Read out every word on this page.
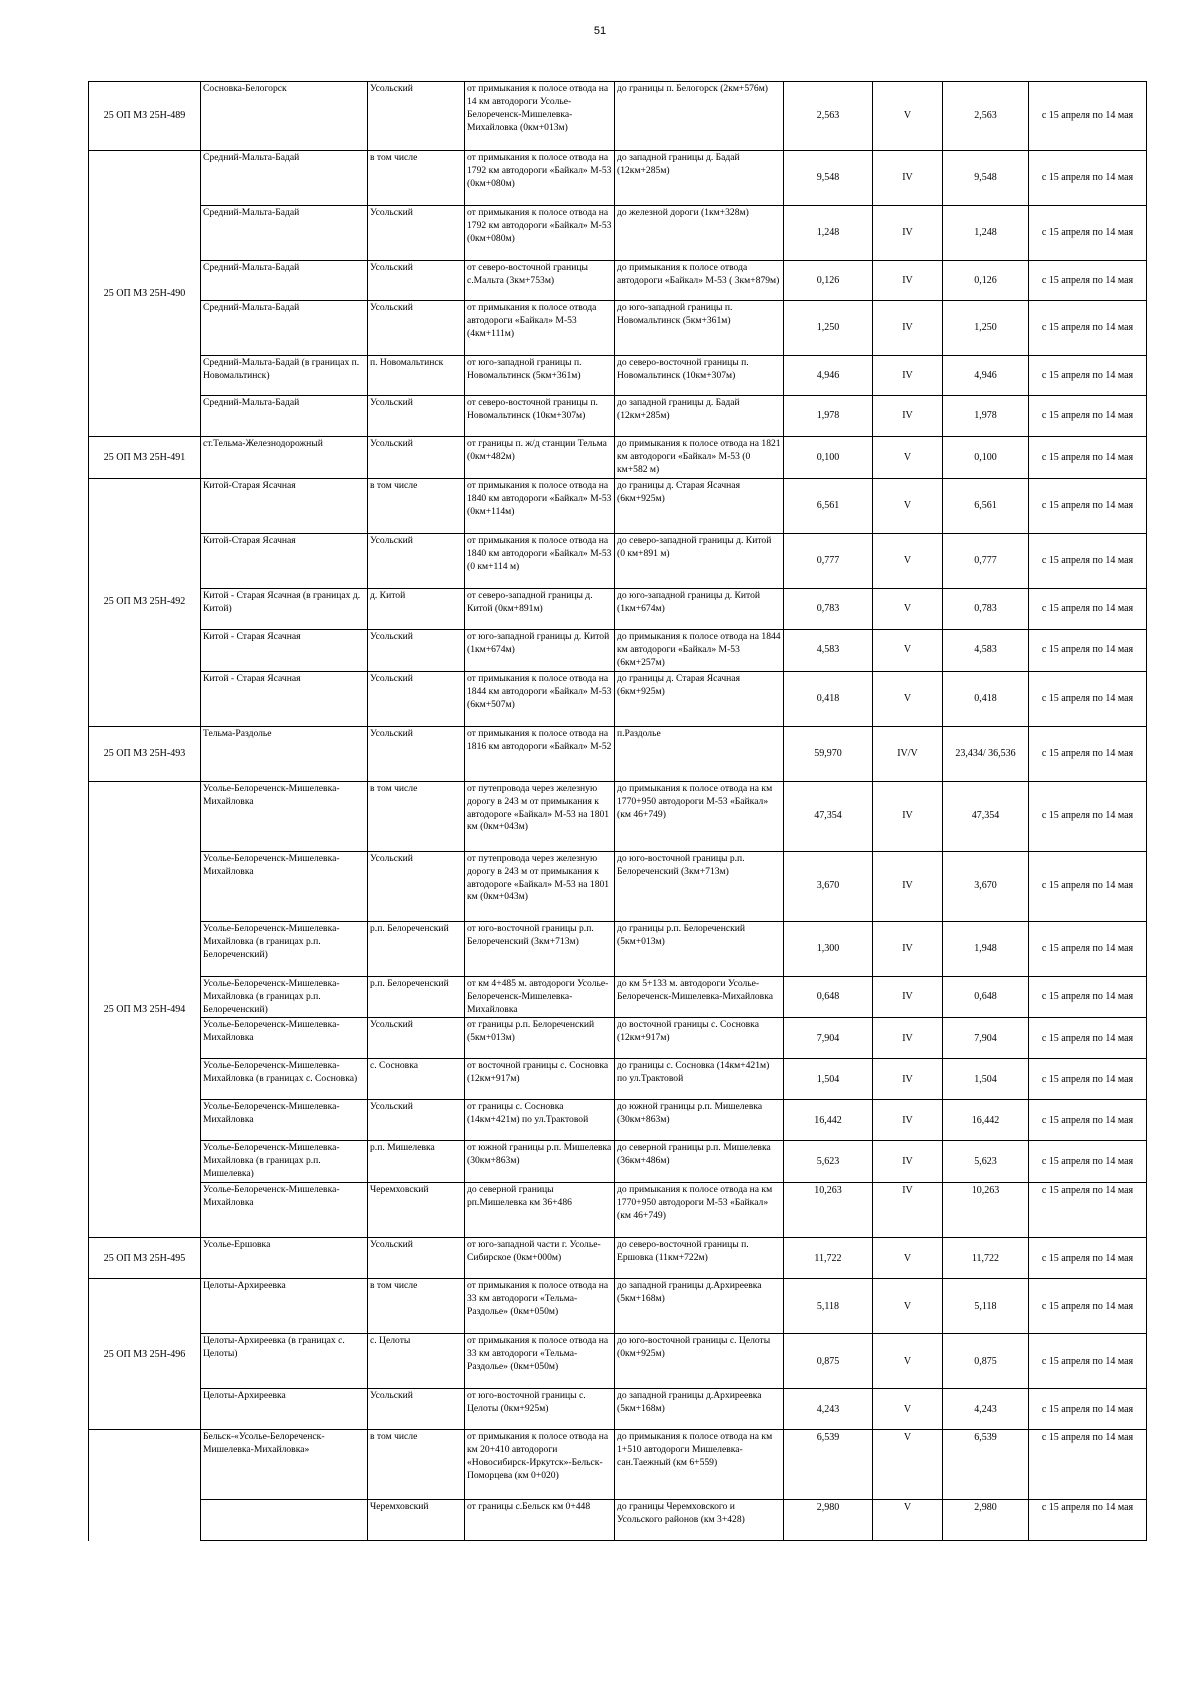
51
25 ОП МЗ 25Н-489	Сосновка-Белогорск	Усольский	от примыкания к полосе отвода на 14 км автодороги Усолье-Белореченск-Мишелевка-Михайловка (0км+013м)	до границы п. Белогорск (2км+576м)	2,563	V	2,563	с 15 апреля по 14 мая
25 ОП МЗ 25Н-490	Средний-Мальта-Бадай	в том числе	от примыкания к полосе отвода на 1792 км автодороги «Байкал» М-53 (0км+080м)	до западной границы д. Бадай (12км+285м)	9,548	IV	9,548	с 15 апреля по 14 мая
	Средний-Мальта-Бадай	Усольский	от примыкания к полосе отвода на 1792 км автодороги «Байкал» М-53 (0км+080м)	до железной дороги (1км+328м)	1,248	IV	1,248	с 15 апреля по 14 мая
	Средний-Мальта-Бадай	Усольский	от северо-восточной границы с.Мальта (3км+753м)	до примыкания к полосе отвода автодороги «Байкал» М-53 ( 3км+879м)	0,126	IV	0,126	с 15 апреля по 14 мая
	Средний-Мальта-Бадай	Усольский	от примыкания к полосе отвода автодороги «Байкал» М-53 (4км+111м)	до юго-западной границы п. Новомальтинск (5км+361м)	1,250	IV	1,250	с 15 апреля по 14 мая
	Средний-Мальта-Бадай (в границах п. Новомальтинск)	п. Новомальтинск	от юго-западной границы п. Новомальтинск (5км+361м)	до северо-восточной границы п. Новомальтинск (10км+307м)	4,946	IV	4,946	с 15 апреля по 14 мая
	Средний-Мальта-Бадай	Усольский	от северо-восточной границы п. Новомальтинск (10км+307м)	до западной границы д. Бадай (12км+285м)	1,978	IV	1,978	с 15 апреля по 14 мая
25 ОП МЗ 25Н-491	ст.Тельма-Железнодорожный	Усольский	от границы п. ж/д станции Тельма (0км+482м)	до примыкания к полосе отвода на 1821 км автодороги «Байкал» М-53 (0 км+582 м)	0,100	V	0,100	с 15 апреля по 14 мая
25 ОП МЗ 25Н-492	Китой-Старая Ясачная	в том числе	от примыкания к полосе отвода на 1840 км автодороги «Байкал» М-53 (0км+114м)	до границы д. Старая Ясачная (6км+925м)	6,561	V	6,561	с 15 апреля по 14 мая
	Китой-Старая Ясачная	Усольский	от примыкания к полосе отвода на 1840 км автодороги «Байкал» М-53 (0 км+114 м)	до северо-западной границы д. Китой (0 км+891 м)	0,777	V	0,777	с 15 апреля по 14 мая
	Китой - Старая Ясачная (в границах д. Китой)	д. Китой	от северо-западной границы д. Китой (0км+891м)	до юго-западной границы д. Китой (1км+674м)	0,783	V	0,783	с 15 апреля по 14 мая
	Китой - Старая Ясачная	Усольский	от юго-западной границы д. Китой (1км+674м)	до примыкания к полосе отвода на 1844 км автодороги «Байкал» М-53 (6км+257м)	4,583	V	4,583	с 15 апреля по 14 мая
	Китой - Старая Ясачная	Усольский	от примыкания к полосе отвода на 1844 км автодороги «Байкал» М-53 (6км+507м)	до границы д. Старая Ясачная (6км+925м)	0,418	V	0,418	с 15 апреля по 14 мая
25 ОП МЗ 25Н-493	Тельма-Раздолье	Усольский	от примыкания к полосе отвода на 1816 км автодороги «Байкал» М-52	п.Раздолье	59,970	IV/V	23,434/ 36,536	с 15 апреля по 14 мая
25 ОП МЗ 25Н-494	Усолье-Белореченск-Мишелевка-Михайловка	в том числе	от путепровода через железную дорогу в 243 м от примыкания к автодороге «Байкал» М-53 на 1801 км (0км+043м)	до примыкания к полосе отвода на км 1770+950 автодороги М-53 «Байкал» (км 46+749)	47,354	IV	47,354	с 15 апреля по 14 мая
	Усолье-Белореченск-Мишелевка-Михайловка	Усольский	от путепровода через железную дорогу в 243 м от примыкания к автодороге «Байкал» М-53 на 1801 км (0км+043м)	до юго-восточной границы р.п. Белореченский (3км+713м)	3,670	IV	3,670	с 15 апреля по 14 мая
	Усолье-Белореченск-Мишелевка-Михайловка (в границах р.п. Белореченский)	р.п. Белореченский	от юго-восточной границы р.п. Белореченский (3км+713м)	до границы р.п. Белореченский (5км+013м)	1,300	IV	1,948	с 15 апреля по 14 мая
	Усолье-Белореченск-Мишелевка-Михайловка (в границах р.п. Белореченский)	р.п. Белореченский	от км 4+485 м. автодороги Усолье-Белореченск-Мишелевка-Михайловка	до км 5+133 м. автодороги Усолье-Белореченск-Мишелевка-Михайловка	0,648	IV	0,648	с 15 апреля по 14 мая
	Усолье-Белореченск-Мишелевка-Михайловка	Усольский	от границы р.п. Белореченский (5км+013м)	до восточной границы с. Сосновка (12км+917м)	7,904	IV	7,904	с 15 апреля по 14 мая
	Усолье-Белореченск-Мишелевка-Михайловка (в границах с. Сосновка)	с. Сосновка	от восточной границы с. Сосновка (12км+917м)	до границы с. Сосновка (14км+421м) по ул.Трактовой	1,504	IV	1,504	с 15 апреля по 14 мая
	Усолье-Белореченск-Мишелевка-Михайловка	Усольский	от границы с. Сосновка (14км+421м) по ул.Трактовой	до южной границы р.п. Мишелевка (30км+863м)	16,442	IV	16,442	с 15 апреля по 14 мая
	Усолье-Белореченск-Мишелевка-Михайловка (в границах р.п. Мишелевка)	р.п. Мишелевка	от южной границы р.п. Мишелевка (30км+863м)	до северной границы р.п. Мишелевка (36км+486м)	5,623	IV	5,623	с 15 апреля по 14 мая
	Усолье-Белореченск-Мишелевка-Михайловка	Черемховский	до северной границы рп.Мишелевка км 36+486	до примыкания к полосе отвода на км 1770+950 автодороги М-53 «Байкал» (км 46+749)	10,263	IV	10,263	с 15 апреля по 14 мая
25 ОП МЗ 25Н-495	Усолье-Ершовка	Усольский	от юго-западной части г. Усолье-Сибирское (0км+000м)	до северо-восточной границы п. Ершовка (11км+722м)	11,722	V	11,722	с 15 апреля по 14 мая
25 ОП МЗ 25Н-496	Целоты-Архиреевка	в том числе	от примыкания к полосе отвода на 33 км автодороги «Тельма-Раздолье» (0км+050м)	до западной границы д.Архиреевка (5км+168м)	5,118	V	5,118	с 15 апреля по 14 мая
	Целоты-Архиреевка (в границах с. Целоты)	с. Целоты	от примыкания к полосе отвода на 33 км автодороги «Тельма-Раздолье» (0км+050м)	до юго-восточной границы с. Целоты (0км+925м)	0,875	V	0,875	с 15 апреля по 14 мая
	Целоты-Архиреевка	Усольский	от юго-восточной границы с. Целоты (0км+925м)	до западной границы д.Архиреевка (5км+168м)	4,243	V	4,243	с 15 апреля по 14 мая
	Бельск-«Усолье-Белореченск-Мишелевка-Михайловка»	в том числе	от примыкания к полосе отвода на км 20+410 автодороги «Новосибирск-Иркутск»-Бельск-Поморцева (км 0+020)	до примыкания к полосе отвода на км 1+510 автодороги Мишелевка-сан.Таежный (км 6+559)	6,539	V	6,539	с 15 апреля по 14 мая
		Черемховский	от границы с.Бельск км 0+448	до границы Черемховского и Усольского районов (км 3+428)	2,980	V	2,980	с 15 апреля по 14 мая
